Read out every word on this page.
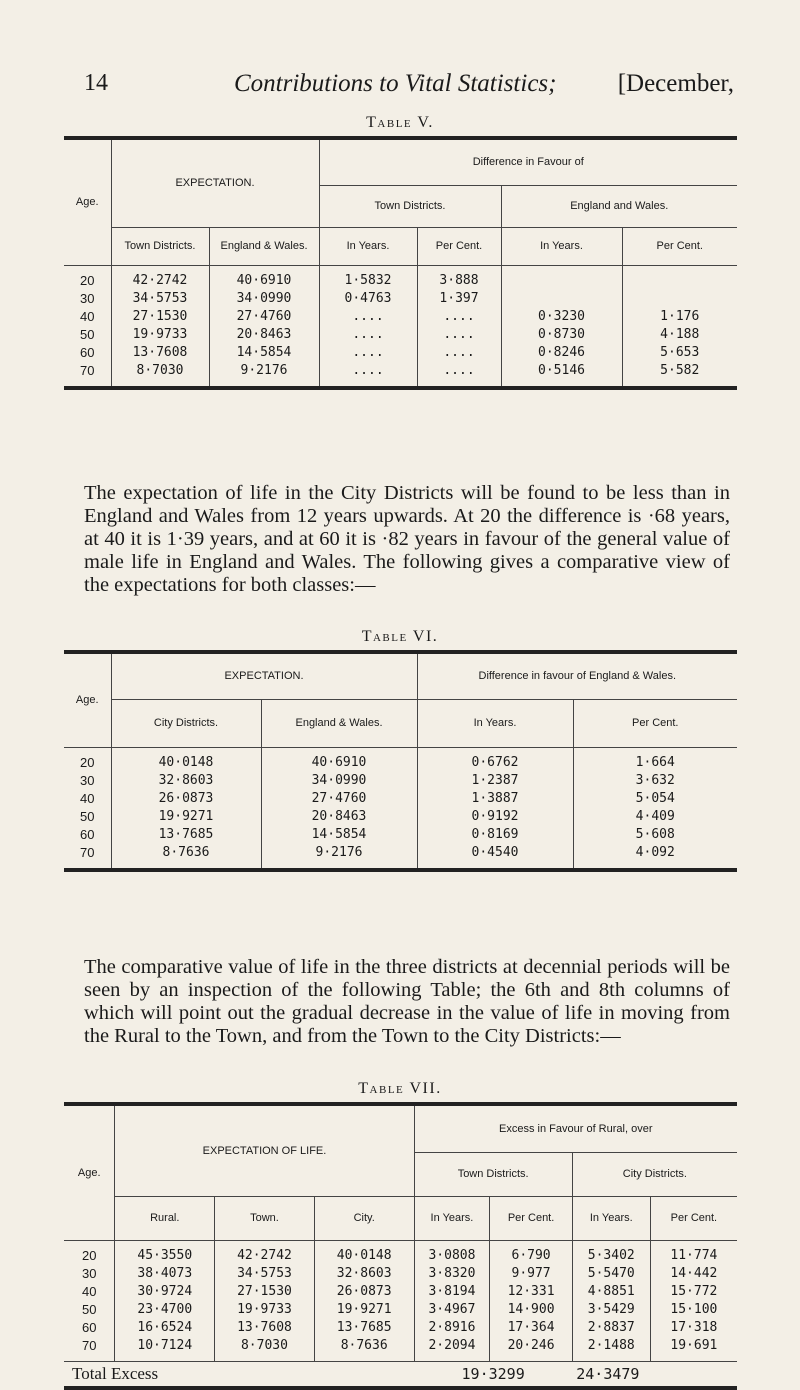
14	Contributions to Vital Statistics; [December,
Table V.
Age.	EXPECTATION.		Difference in Favour of			
			Town Districts.		England and Wales.	
	Town Districts.	England & Wales.	In Years.	Per Cent.	In Years.	Per Cent.
20	42·2742	40·6910	1·5832	3·888		
30	34·5753	34·0990	0·4763	1·397		
40	27·1530	27·4760	....	....	0·3230	1·176
50	19·9733	20·8463	....	....	0·8730	4·188
60	13·7608	14·5854	....	....	0·8246	5·653
70	8·7030	9·2176	....	....	0·5146	5·582

The expectation of life in the City Districts will be found to be less than in England and Wales from 12 years upwards. At 20 the difference is ·68 years, at 40 it is 1·39 years, and at 60 it is ·82 years in favour of the general value of male life in England and Wales. The following gives a comparative view of the expectations for both classes:—

Table VI.
Age.	EXPECTATION.		Difference in favour of England & Wales.	
	City Districts.	England & Wales.	In Years.	Per Cent.
20	40·0148	40·6910	0·6762	1·664
30	32·8603	34·0990	1·2387	3·632
40	26·0873	27·4760	1·3887	5·054
50	19·9271	20·8463	0·9192	4·409
60	13·7685	14·5854	0·8169	5·608
70	8·7636	9·2176	0·4540	4·092

The comparative value of life in the three districts at decennial periods will be seen by an inspection of the following Table; the 6th and 8th columns of which will point out the gradual decrease in the value of life in moving from the Rural to the Town, and from the Town to the City Districts:—

Table VII.
Age.	EXPECTATION OF LIFE.			Excess in Favour of Rural, over			
				Town Districts.		City Districts.	
	Rural.	Town.	City.	In Years.	Per Cent.	In Years.	Per Cent.
20	45·3550	42·2742	40·0148	3·0808	6·790	5·3402	11·774
30	38·4073	34·5753	32·8603	3·8320	9·977	5·5470	14·442
40	30·9724	27·1530	26·0873	3·8194	12·331	4·8851	15·772
50	23·4700	19·9733	19·9271	3·4967	14·900	3·5429	15·100
60	16·6524	13·7608	13·7685	2·8916	17·364	2·8837	17·318
70	10·7124	8·7030	8·7636	2·2094	20·246	2·1488	19·691
Total Excess				19·3299		24·3479	
